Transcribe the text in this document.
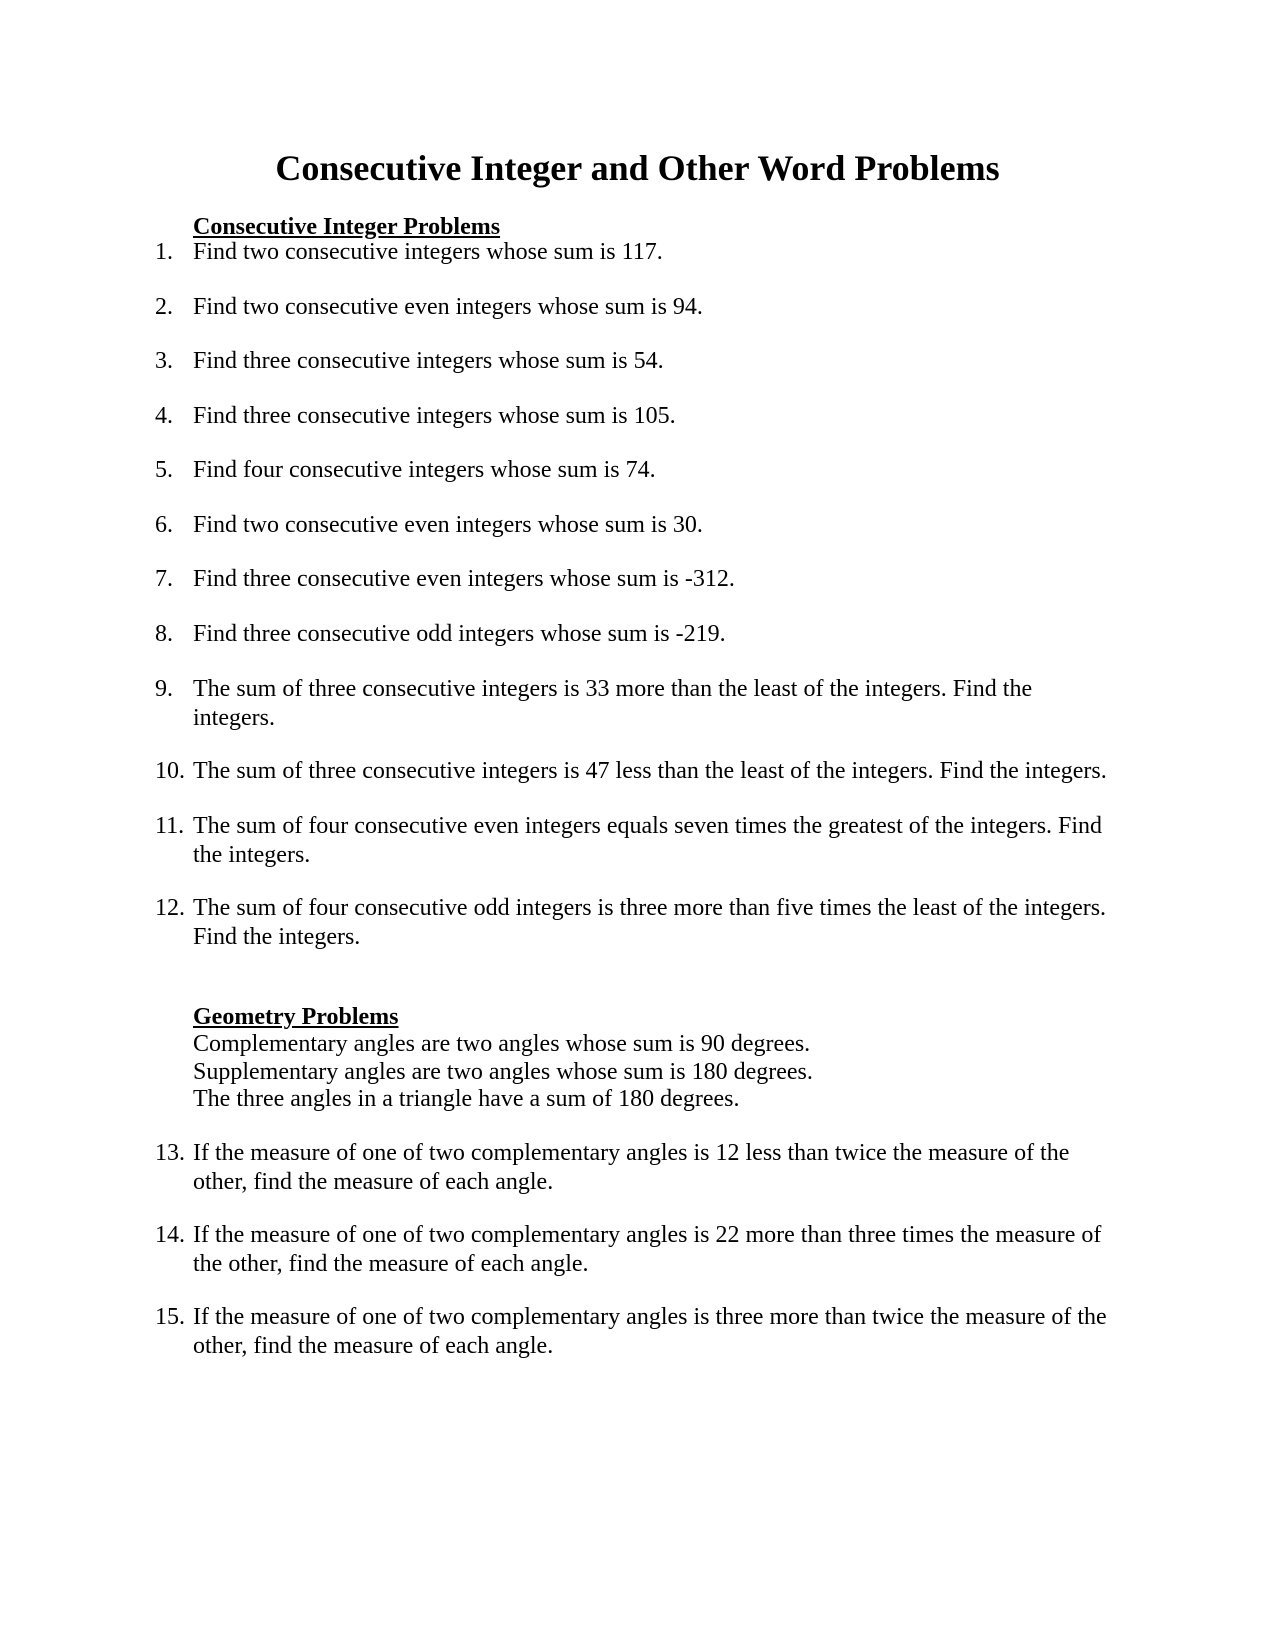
Consecutive Integer and Other Word Problems
Consecutive Integer Problems
1. Find two consecutive integers whose sum is 117.
2. Find two consecutive even integers whose sum is 94.
3. Find three consecutive integers whose sum is 54.
4. Find three consecutive integers whose sum is 105.
5. Find four consecutive integers whose sum is 74.
6. Find two consecutive even integers whose sum is 30.
7. Find three consecutive even integers whose sum is -312.
8. Find three consecutive odd integers whose sum is -219.
9. The sum of three consecutive integers is 33 more than the least of the integers. Find the integers.
10. The sum of three consecutive integers is 47 less than the least of the integers. Find the integers.
11. The sum of four consecutive even integers equals seven times the greatest of the integers. Find the integers.
12. The sum of four consecutive odd integers is three more than five times the least of the integers. Find the integers.
Geometry Problems

Complementary angles are two angles whose sum is 90 degrees.

Supplementary angles are two angles whose sum is 180 degrees.

The three angles in a triangle have a sum of 180 degrees.

13. If the measure of one of two complementary angles is 12 less than twice the measure of the other, find the measure of each angle.
14. If the measure of one of two complementary angles is 22 more than three times the measure of the other, find the measure of each angle.
15. If the measure of one of two complementary angles is three more than twice the measure of the other, find the measure of each angle.
